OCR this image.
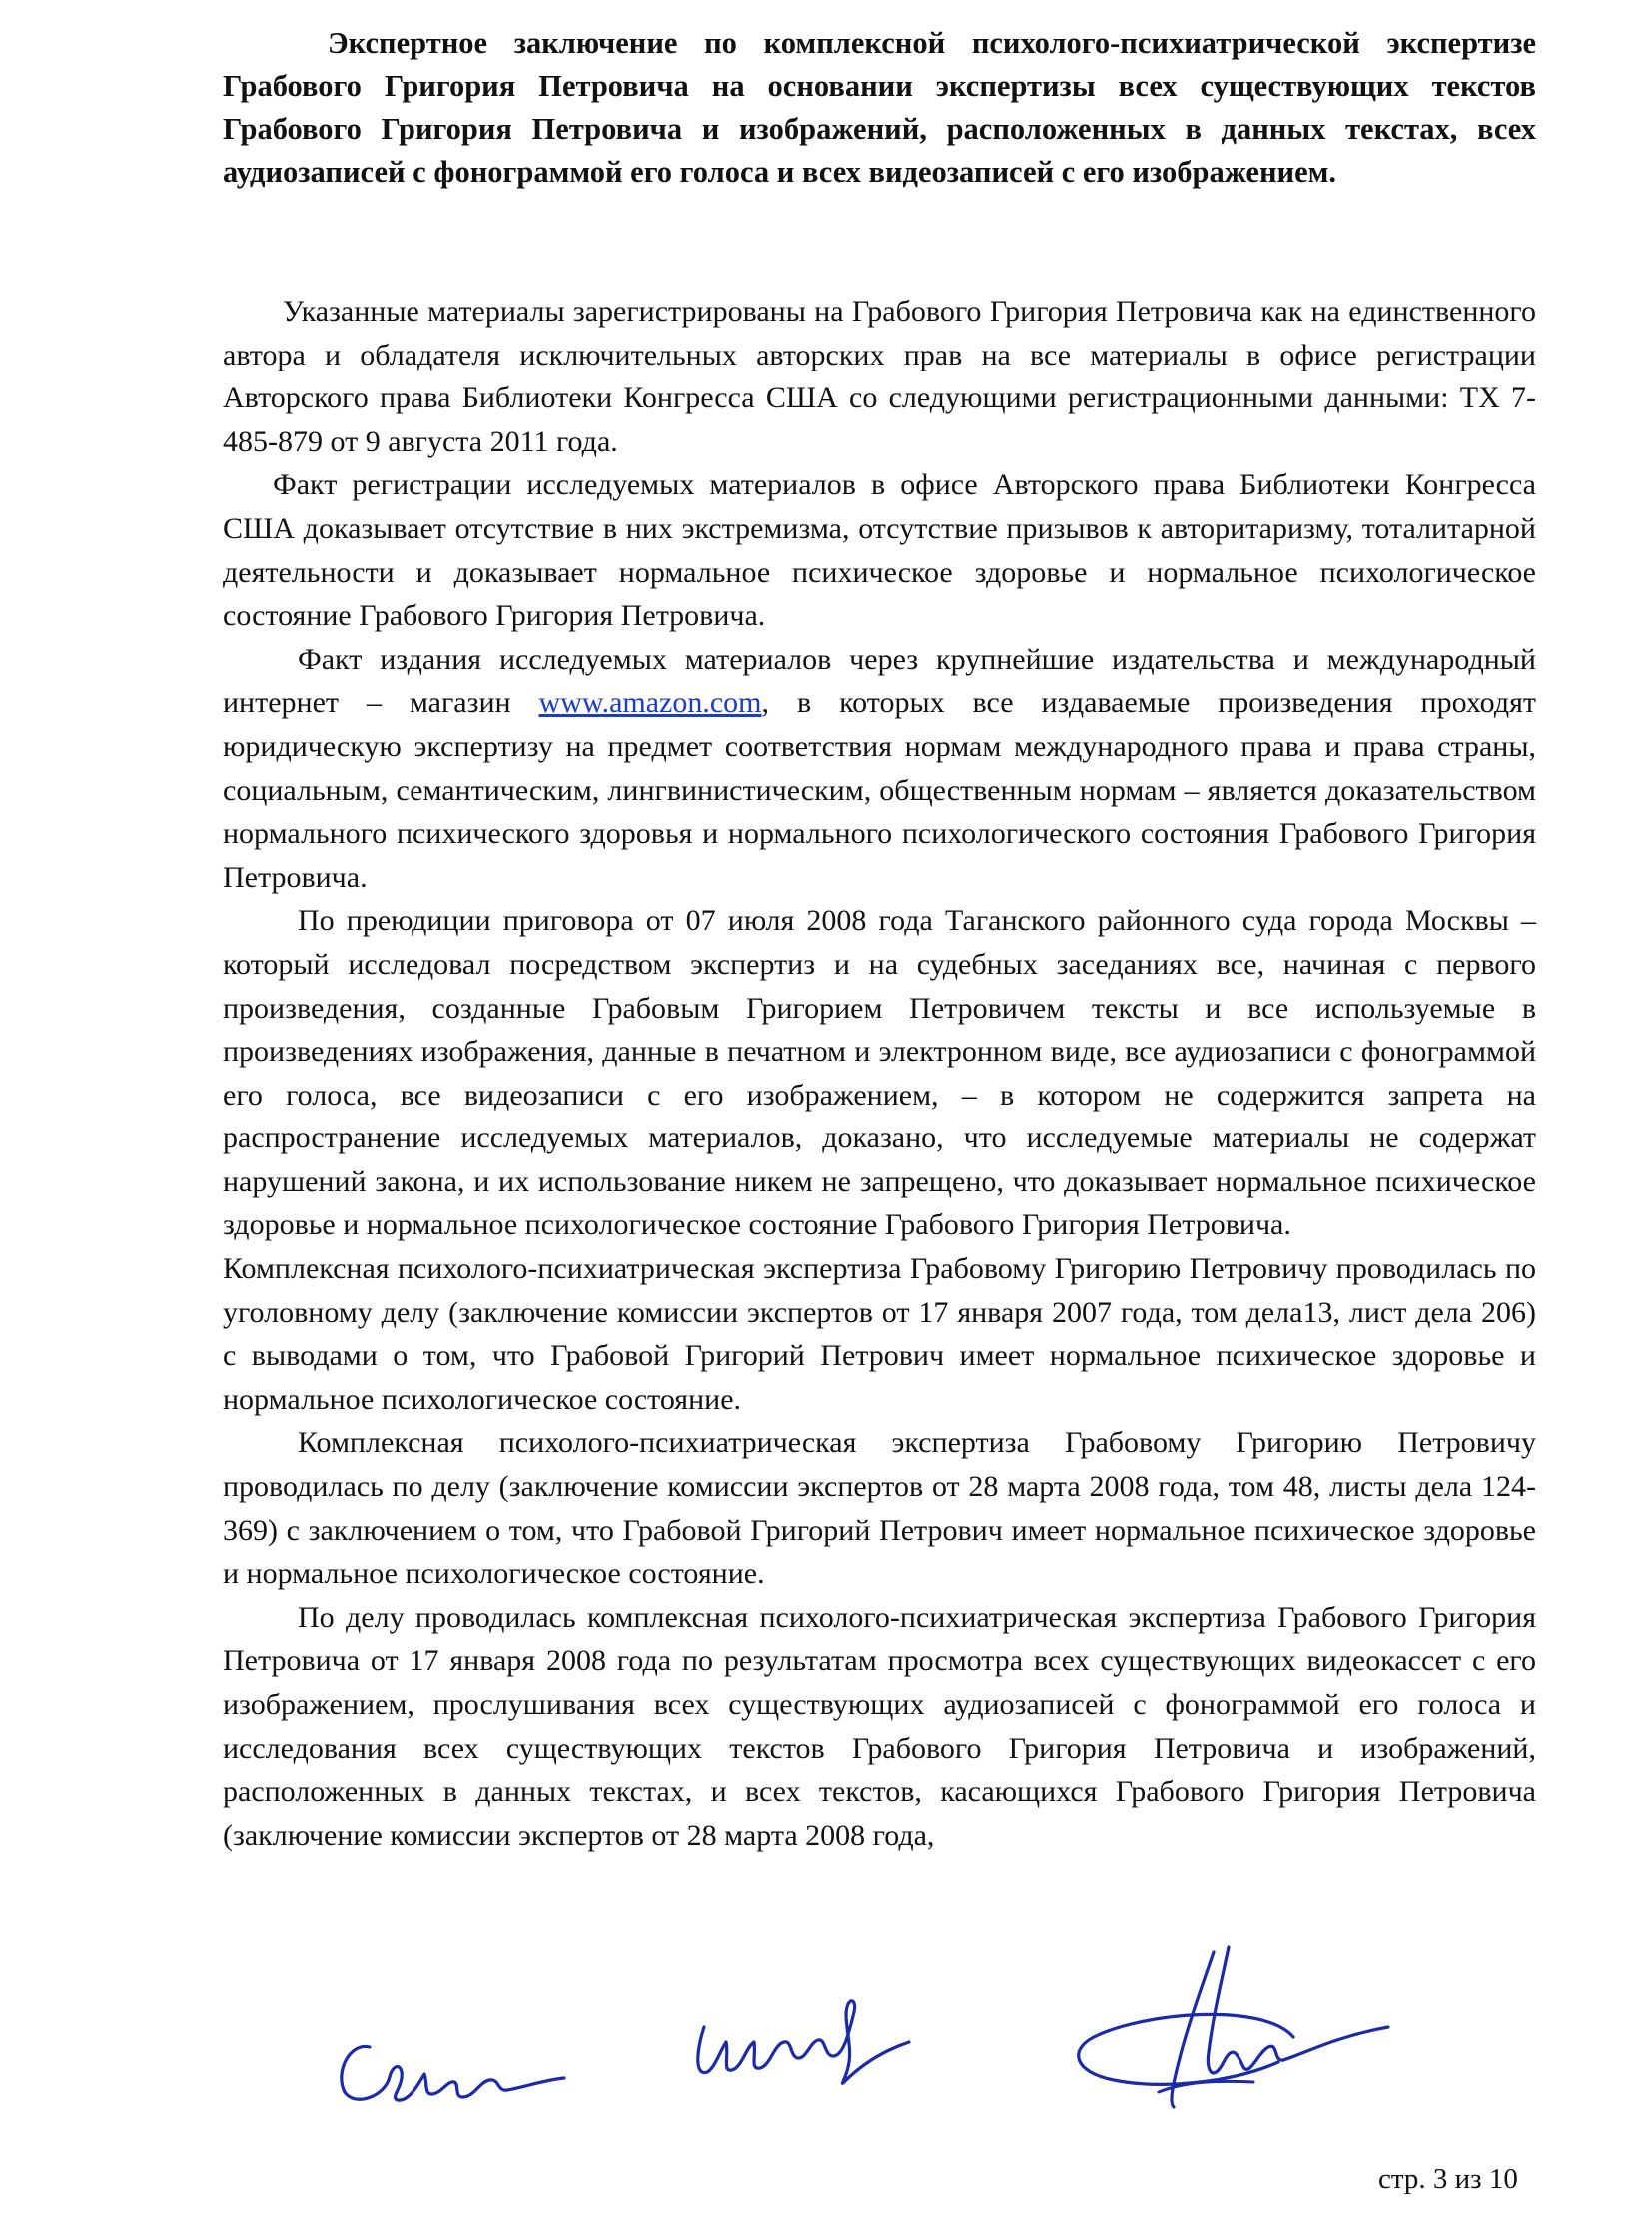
Экспертное заключение по комплексной психолого-психиатрической экспертизе Грабового Григория Петровича на основании экспертизы всех существующих текстов Грабового Григория Петровича и изображений, расположенных в данных текстах, всех аудиозаписей с фонограммой его голоса и всех видеозаписей с его изображением.

Указанные материалы зарегистрированы на Грабового Григория Петровича как на единственного автора и обладателя исключительных авторских прав на все материалы в офисе регистрации Авторского права Библиотеки Конгресса США со следующими регистрационными данными: TX 7-485-879 от 9 августа 2011 года.

Факт регистрации исследуемых материалов в офисе Авторского права Библиотеки Конгресса США доказывает отсутствие в них экстремизма, отсутствие призывов к авторитаризму, тоталитарной деятельности и доказывает нормальное психическое здоровье и нормальное психологическое состояние Грабового Григория Петровича.

Факт издания исследуемых материалов через крупнейшие издательства и международный интернет – магазин www.amazon.com, в которых все издаваемые произведения проходят юридическую экспертизу на предмет соответствия нормам международного права и права страны, социальным, семантическим, лингвинистическим, общественным нормам – является доказательством нормального психического здоровья и нормального психологического состояния Грабового Григория Петровича.

По преюдиции приговора от 07 июля 2008 года Таганского районного суда города Москвы – который исследовал посредством экспертиз и на судебных заседаниях все, начиная с первого произведения, созданные Грабовым Григорием Петровичем тексты и все используемые в произведениях изображения, данные в печатном и электронном виде, все аудиозаписи с фонограммой его голоса, все видеозаписи с его изображением, – в котором не содержится запрета на распространение исследуемых материалов, доказано, что исследуемые материалы не содержат нарушений закона, и их использование никем не запрещено, что доказывает нормальное психическое здоровье и нормальное психологическое состояние Грабового Григория Петровича.

Комплексная психолого-психиатрическая экспертиза Грабовому Григорию Петровичу проводилась по уголовному делу (заключение комиссии экспертов от 17 января 2007 года, том дела13, лист дела 206) с выводами о том, что Грабовой Григорий Петрович имеет нормальное психическое здоровье и нормальное психологическое состояние.

Комплексная психолого-психиатрическая экспертиза Грабовому Григорию Петровичу проводилась по делу (заключение комиссии экспертов от 28 марта 2008 года, том 48, листы дела 124-369) с заключением о том, что Грабовой Григорий Петрович имеет нормальное психическое здоровье и нормальное психологическое состояние.

По делу проводилась комплексная психолого-психиатрическая экспертиза Грабового Григория Петровича от 17 января 2008 года по результатам просмотра всех существующих видеокассет с его изображением, прослушивания всех существующих аудиозаписей с фонограммой его голоса и исследования всех существующих текстов Грабового Григория Петровича и изображений, расположенных в данных текстах, и всех текстов, касающихся Грабового Григория Петровича (заключение комиссии экспертов от 28 марта 2008 года,

стр. 3 из 10
